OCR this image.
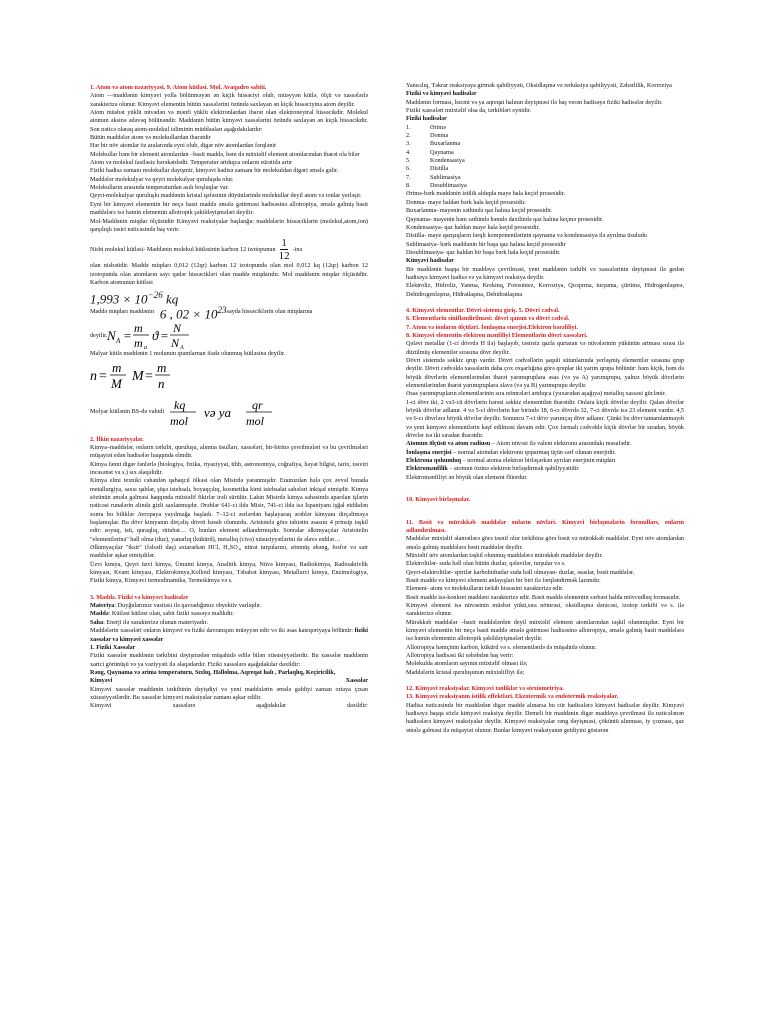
1. Atom və atom nəzəriyyəsi. 9. Atom kütləsi. Mol, Avaqadro sabiti.

Atom —maddənin kimyəvi yolla bölünməyən ən kiçik hissəciyi olub, müəyyən kütlə, ölçü və xassələrlə xarakterizə olunur. Kimyəvi elementin bütün xassələrini özündə saxlayan ən kiçik hissəciyinə atom deyilir.

Atom müsbət yüklü nüvədən və mənfi yüklü elektronlardan ibarət olan elektroneytral hissəcikdir. Molekul atomun əksinə ədəvəq bölünəndir. Maddənin bütün kimyəvi xassələrini özündə saxlayan ən kiçik hissəcikdir. Son nəticə olaraq atom-molekul təliminin müddəaları aşağıdakılardır:

Bütün maddələr atom və molekullardan ibarətdir

Hər bir növ atomlar öz aralarında eyni olub, digər növ atomlardan fərqlənir

Molekullar həm bir element atomlardan –basit maddə, həm də müxtəlif element atomlarından ibarət ola bilər

Atom və molekul fasiləsiz hərəkətdədir. Temperatur artdıqca onların sürətidə artır

Fiziki hadisə zamanı molekullar dayişmir, kimyəvi hadisə zamanı bir molekuldan digəri əmələ gəlir.

Maddələr molekulyar və qeyri molekulyar quruluşda olur.

Molekulların arasında temperaturdan asılı boşluqlar var.

Qeyri-molekulyar quruluşlu maddənin kristal qəfəsinin düyünlərində molekullar deyil atom və ionlar yerləşir.

Eyni bir kimyəvi elementin bir neçə basit maddə əmələ gətirməsi hadisəsinə allotropiya, əmələ gəlmiş basit maddələrə isə həmin elementin allotropik şəkildəyişmələri deyilir.

Mol-Maddənin miqdar ölçüsüdür Kimyəvi reaksiyalar başlanğıc maddələrin hissəciklərin (molekul,atom,ion) qarşılıqlı təsiri nəticəsində baş verir.

Nisbi molekul kütləsi- Maddənin molekul kütləsinin karbon 12 izotopunun $\frac{1}{12}$ -inə

olan nisbətidir. Maddə miqdarı 0,012 (12qr) karbon 12 izotopunda olan mol 0,012 kq (12qr) karbon 12 izotopunda olan atomların sayı qədər hissəcikləri olan maddə miqdarıdır. Mol maddənin miqdar ölçüsüdür. Karbon atomunun kütləsi

$1,993 \times 10^{-26}$ kq
Maddə miqdarı maddənin 6 , $02 \times 10^{23}$ sayda hissəciklərin olan miqdarına
deyilir. N A = m
m a
ϑ = N
N A

Malyar kütlə maddənin 1 molunun qramlarnan ifadə olunmuş kütləsinə deyilir.

n =
m
M M =
m
n
Molyar kütlənin BS-də vahidi
kq
mol
və ya qr
mol

2. İlkin nəzəriyyələr.

Kimya–maddələr, onların tərkibi, quruluşu, alınma üsulları, xassələri, bir-birinə çevrilmələri və bu çevrilmələri müşayiət edən hadisələr haqqında elmdir.

Kimya fənni digər fənlərlə (biologiya, fizika, riyaziyyat, tibb, astronomiya, coğrafiya, həyat bilgisi, tarix, təsviri incəsənət və s.) sıx əlaqəlidir.

Kimya elmi texniki cəhətdən qabaqcıl ölkəsi olan Misirdə yaranmışdır. Eramızdan hələ çox əvvəl burada metallurgiya, saxsı qablar, şüşə istehsalı, boyaqçılıq, kosmetika kimi istehsalat sahələri inkişaf etmişdir. Kimya sözünün əmələ gəlməsi haqqında müxtəlif fikirlər irəli sürülür. Lakin Misirdə kimya sahəsində aparılan işlərin nəticəsi runalərin əlində gizli saxlanmışdır. Ərəblər 641-ci ildə Misir, 741-ci ildə isə İspaniyanı işğal etdikdən sonra bu biliklər Avropaya yayılmağa başladı. 7–12-ci əsrlərdən başlayaraq ərəblər kimyanı dirçəltməyə başlamışlar. Bu dövr kimyanın dirçəliş dövrü həsab olunurdu. Aristotelə görə təbiətin əsasını 4 prinsip təşkil edir: soyuq, isti, quraqlıq, rütubət… O, bunları element adlandırmışdır. Sonralar əlkimyaçılar Aristotelin "elementlərinə" hall olma (duz), yanarlıq (kükürd), metallıq (civə) xüsusiyyətlərini də əlavə etdilər…

Əlkimyaçılar "iksir" (fəlsəfi daş) axtararkən HCl, H₂SO₄, nitrat turşularını, sönmüş əhəng, fosfor və sair maddələr əşkar etmişdilər.

Üzvi kimya, Qeyri üzvi kimya, Ümumi kimya, Analitik kimya, Nüvə kimyası, Radiokimya, Radioaktivlik kimyası, Kvant kimyası, Elektrokimya,Kolloid kimyası, Təbabət kimyası, Metallurci kimya, Enzimologiya, Fiziki kimya, Kimyəvi termodinamika, Termokimya və s.

3. Maddə. Fiziki və kimyəvi hadisələr

Materiya: Duyğularımız vasitəsi ilə qavradığımız obyektiv varlıqdır.

Maddə: Kütləsi kütləsi olan, sabit fiziki xassəyə malikdir.

Saha: Enerji ilə xarakterizə olunan materiyadır.

Maddələrin xassələri onların kimyəvi və fiziki davranışını müəyyən edir və iki əsas kateqoriyaya bölünür: fiziki xassələr və kimyəvi xassələr

1. Fiziki Xassələr

Fiziki xassələr maddənin tərkibini dəyişmədən müşahidə edilə bilən xüsusiyyətlərdir. Bu xassələr maddənin xarici görünüşü və ya vəziyyəti ilə əlaqədardır. Fiziki xassələrə aşağıdakılar daxildir:

Rəng, Qaynama və ərimə temperaturu, Sıxlıq, Həllolma, Aqreqat halı , Parlaqlıq, Keçiricilik,

Kimyəvi	Xassələr

Kimyəvi xassələr maddənin tərkibinin dəyişdiyi və yeni maddələrin əmələ gəldiyi zaman ortaya çıxan xüsusiyyətlərdir. Bu xassələr kimyəvi reaksiyalar zamanı aşkar edilir.

Kimyəvi	xassələrə	aşağıdakılar	daxildir:

Yanıcılıq, Təkrar reaksiyaya girmək qabiliyyəti, Oksidləşmə və reduksiya qabiliyyəti, Zəhərlilik, Korroziya

Fiziki və kimyəvi hadisələr

Maddənin forması, həcmi və ya aqreqat halının dəyişməsi ilə baş verən hadisəyə fiziki hadisələr deyilir.

Fiziki xassələri müxtəlif olsa da, tərkibləri eynidir.

Fiziki hadisələr

1.	Ərimə
2.	Donma
3.	Buxarlanma
4.	Qaynama
5.	Kondensasiya
6.	Distilla
7.	Sublimasiya
8.	Desublimasiya

Ərimə-bərk maddənin istilik aldıqda maye hala keçid prosesidir.

Donma- maye haldan bərk hala keçid prosesidir.

Buxarlanma- mayenin səthində qaz halına keçid prosesidir.

Qaynama- mayenin həm səthində həmdə daxilində qaz halına keçmə prosesidir.

Kondensasiya- qaz haldan maye hala keçid prosesidir.

Distilla- maye qarışıqların fərqli komponentlərinin qaynama və kondensasiya ilə ayrılma üsuludu

Sublimasiya- bərk maddənin bir başa qaz halına keçid prosesidir

Desublimasiya- qaz haldan bir başa bərk hala keçid prosesidir.

Kimyəvi hadisələr

Bir maddənin başqa bir maddəyə çevrilməsi, yeni maddənin tərkibi və xassələrinin dəyişməsi ilə gedən hadisəyə kimyəvi hadisə və ya kimyəvi reaksiya deyilir.

Elektroliz, Hidroliz, Yanma, Krekinq, Fotosintez, Korroziya, Qıcqırma, turşuma, çürümə, Hidrogenləşmə, Dehidrogenləşmə, Hidratlaşma, Dehidratlaşma

4. Kimyəvi elementlər. Dövri sistemə giriş. 5. Dövri cədvəl.

6. Elementlərin sinifləndirilməsi: dövri qanun və dövri cədvəl.

7. Atom və ionların ölçüləri. İonlaşma enerjisi.Elektron bərəliliyi.

8. Kimyəvi elementin elektron mənfiliyi Elementlərin dövri xassələri.

Qələvi metallar (1-ci dövrdə H ilə) başlayıb, təsirsiz qazla qurtaran və nüvələrinin yükünün artması sırası ilə düzülmüş elementlər sırasına dövr deyilir.

Dövri sistemdə səkkiz qrup vardır. Dövri cədvəllərin şaquli sütunlarında yerləşmiş elementlər sırasına qrup deyilir. Dövri cədvəldə xassələrin daha çox oxşarlığına görə qruplar iki yarım qrupa bölünür: həm kiçik, həm də böyük dövrlərin elementlərindən ibarət yarımqruplara əsas (və ya A) yarımqrupu, yalnız böyük dövrlərin elementlərindən ibarət yarımqruplara əlavə (və ya B) yarımqrupu deyilir.

Əsas yarımqrupların elementlərinin sıra nömrələri artdıqca (yuxarıdan aşağıya) metallıq xassəsi güclənir.

1-ci dövr iki, 2 və3-cü dövrlərin hərəsi səkkiz elementdən ibarətdir. Onlara kiçik dövrlər deyilir. Qalan dövrlər böyük dövrlər adlanır. 4 və 5-ci dövrlərin hər birində 18, 6-cı dövrdə 32, 7-ci dövrdə isə 23 element vardır. 4,5 və 6-cı dövrlərə böyük dövrlər deyilir. Sonuncu 7-ci dövr yarımçıq dövr adlanır. Çünki bu dövr tamamlanmayıb və yeni kimyəvi elementlərin kəşf edilməsi davam edir. Çox fərmalı cədvəldə kiçik dövrlər bir sıradan, böyük dövrlər isə iki sıradan ibarətdir.

Atomun ölçüsü və atom radiusu – Atom nüvəsi ilə valent elektronu arasındakı məsafədir.

İonlaşma enerjisi – normal atomdan elektronu qoparmaq üçün sərf olunan enerjidir.

Elektrona qohumluq – normal atoma elektron birləşərkən ayrılan enerjinin miqdarı

Elektromənfilik – atomun özünə elektron birləşdirmək qabiliyyətidir.

Elektromənfiliyi ən böyük olan element flüordur.

10. Kimyəvi birləşmələr.

11. Bəsit və mürəkkəb maddələr onların növləri. Kimyəvi birləşmələrin formulları, onların adlandırılması.

Maddələr müxtəlif əlamətlərə görə təsnif olur tərkibinə görə bəsit və mürəkkəb maddələr. Eyni növ atomlardan əmələ gəlmiş maddələrə bəsit maddələr deyilir.

Müxtəlif növ atomlardan təşkil olunmuş maddələrə mürəkkəb maddələr deyilir.

Elektrolitlər- suda həll olan bütün duzlar, qələvilər, turşular və s.

Qeyri-elektrolitlər- spirtlər karbohidratlar suda həll olmayan- duzlar, əsaslar, bəsit maddələr.

Bəsit maddə və kimyəvi element anlayışları bir biri ilə fərqləndirmək lazımdır.

Element- atom və molekulların tərkib hissəsini xarakterizə edir.

Bəsit maddə isə-konkret maddəni xarakterizə edir. Bəsit maddə elementin sərbəst halda mövcudluq formasıdır.

Kimyəvi element isə nüvəsinin müsbət yükü,sıra nömrəsi, oksidləşmə dərəcəsi, izotop tərkibi və s. ilə xarakterizə olunur.

Mürəkkəb maddələr –basit maddələrdən deyil müxtəlif element atomlarından təşkil olunmuşdur. Eyni bir kimyəvi elementin bir neçə basit maddə əmələ gətirməsi hadisəsinə allotropiya, əmələ gəlmiş basit maddələrə isə həmin elementin allotropik şəkildəyişmələri deyilir.

Allotropiya həmçinin karbon, kükürd və s. elementlərdə də müşahidə olunur.

Allotropiya hadisəsi iki səbəbdən baş verir:

Molekulda atomların sayının müxtəlif olması ilə;

Maddələrin kristal quruluşunun müxtəlifliyi ilə;

12. Kimyəvi reaksiyalar. Kimyəvi tənliklər və stexiometriya.

13. Kimyəvi reaksiyanın istilik effektləri. Ekzotermik və endotermik reaksiyalar.

Hadisə nəticəsində bir maddədən digər maddə alınarsa bu cür hadisələrə kimyəvi hadisələr deyilir. Kimyəvi hadisəyə başqa sözlə kimyəvi reaksiya deyilir. Demeli bir maddənin digər maddəyə çevrilməsi ilə nəticələnən hadisələrə kimyəvi reaksiyalar deyilir. Kimyəvi reaksiyalar rəng dəyişməsi, çöküntü alınması, iy çıxması, qaz əmələ gəlməsi ilə müşayiət olunur. Bunlar kimyəvi reaksiyanın getdiyini göstərən
